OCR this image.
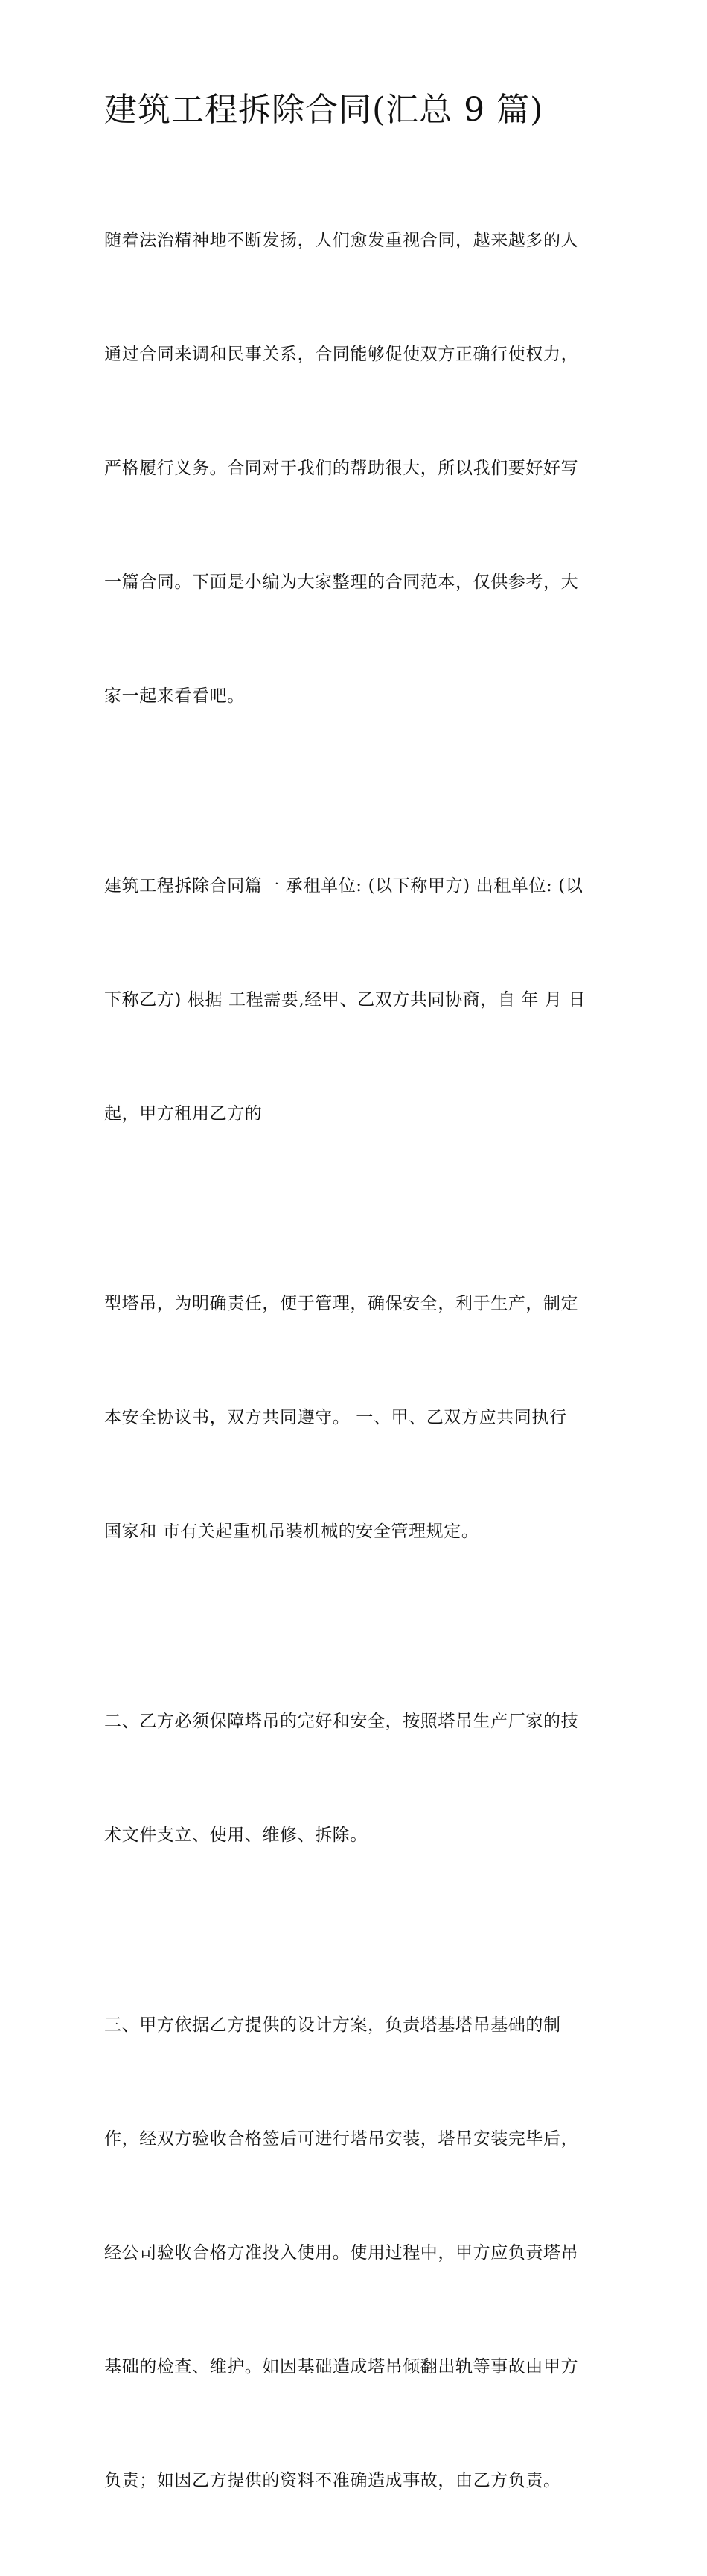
建筑工程拆除合同(汇总 9 篇)

随着法治精神地不断发扬，人们愈发重视合同，越来越多的人

通过合同来调和民事关系，合同能够促使双方正确行使权力，

严格履行义务。合同对于我们的帮助很大，所以我们要好好写

一篇合同。下面是小编为大家整理的合同范本，仅供参考，大

家一起来看看吧。

建筑工程拆除合同篇一 承租单位: (以下称甲方) 出租单位: (以

下称乙方) 根据 工程需要,经甲、乙双方共同协商，自 年 月 日

起，甲方租用乙方的

型塔吊，为明确责任，便于管理，确保安全，利于生产，制定

本安全协议书，双方共同遵守。 一、甲、乙双方应共同执行

国家和 市有关起重机吊装机械的安全管理规定。

二、乙方必须保障塔吊的完好和安全，按照塔吊生产厂家的技

术文件支立、使用、维修、拆除。

三、甲方依据乙方提供的设计方案，负责塔基塔吊基础的制

作，经双方验收合格签后可进行塔吊安装，塔吊安装完毕后，

经公司验收合格方准投入使用。使用过程中，甲方应负责塔吊

基础的检查、维护。如因基础造成塔吊倾翻出轨等事故由甲方

负责；如因乙方提供的资料不准确造成事故，由乙方负责。
